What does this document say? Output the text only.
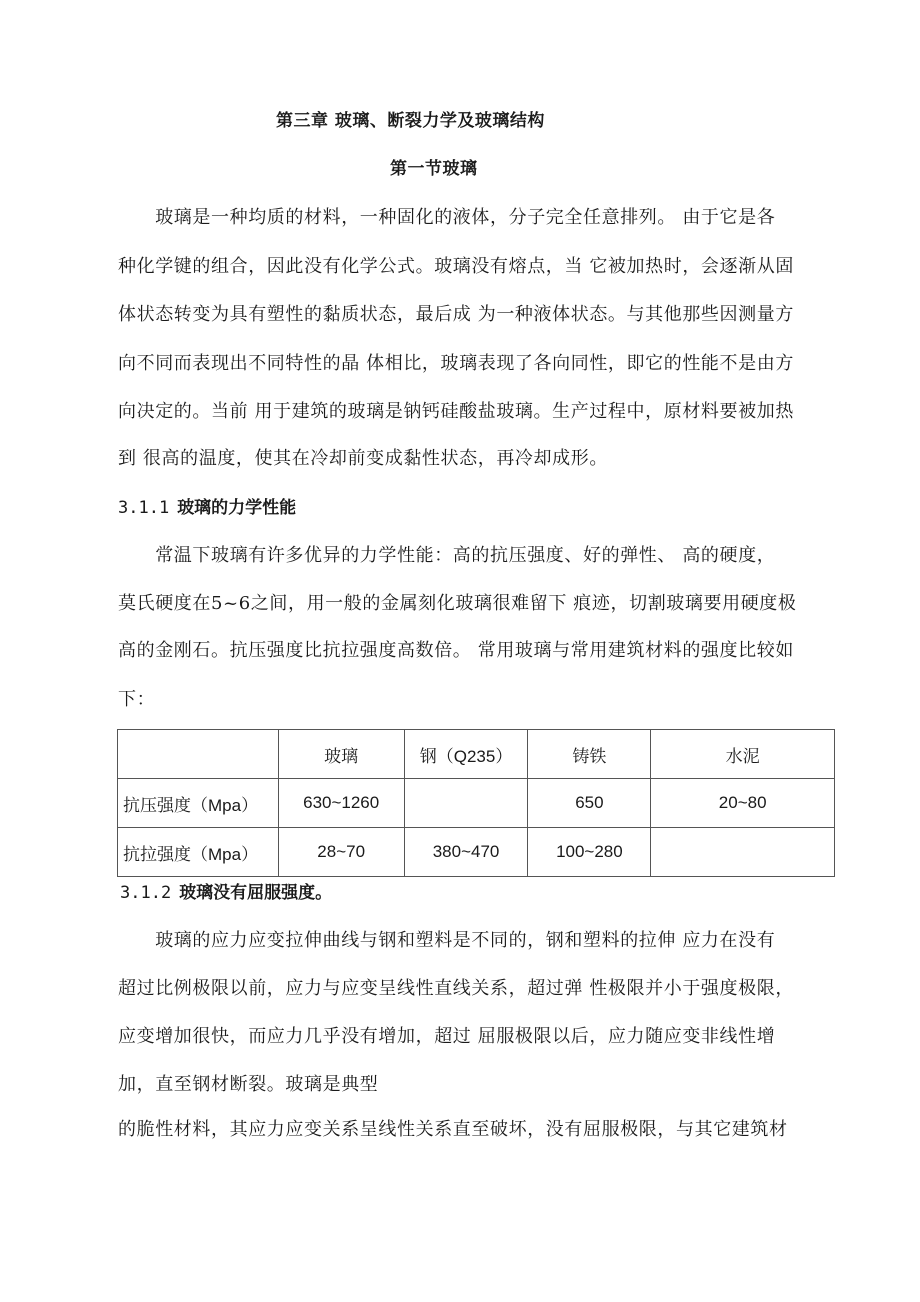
第三章 玻璃、断裂力学及玻璃结构
第一节玻璃
　　玻璃是一种均质的材料，一种固化的液体，分子完全任意排列。 由于它是各
种化学键的组合，因此没有化学公式。玻璃没有熔点，当 它被加热时，会逐渐从固
体状态转变为具有塑性的黏质状态，最后成 为一种液体状态。与其他那些因测量方
向不同而表现出不同特性的晶 体相比，玻璃表现了各向同性，即它的性能不是由方
向决定的。当前 用于建筑的玻璃是钠钙硅酸盐玻璃。生产过程中，原材料要被加热
到 很高的温度，使其在冷却前变成黏性状态，再冷却成形。
3.1.1 玻璃的力学性能
　　常温下玻璃有许多优异的力学性能：高的抗压强度、好的弹性、 高的硬度，
莫氏硬度在5~6之间，用一般的金属刻化玻璃很难留下 痕迹，切割玻璃要用硬度极
高的金刚石。抗压强度比抗拉强度高数倍。 常用玻璃与常用建筑材料的强度比较如
下：
	玻璃	钢（Q235）	铸铁	水泥
抗压强度（Mpa）	630~1260		650	20~80
抗拉强度（Mpa）	28~70	380~470	100~280	
3.1.2 玻璃没有屈服强度。
　　玻璃的应力应变拉伸曲线与钢和塑料是不同的，钢和塑料的拉伸 应力在没有
超过比例极限以前，应力与应变呈线性直线关系，超过弹 性极限并小于强度极限，
应变增加很快，而应力几乎没有增加，超过 屈服极限以后，应力随应变非线性增
加，直至钢材断裂。玻璃是典型
的脆性材料，其应力应变关系呈线性关系直至破坏，没有屈服极限，与其它建筑材
